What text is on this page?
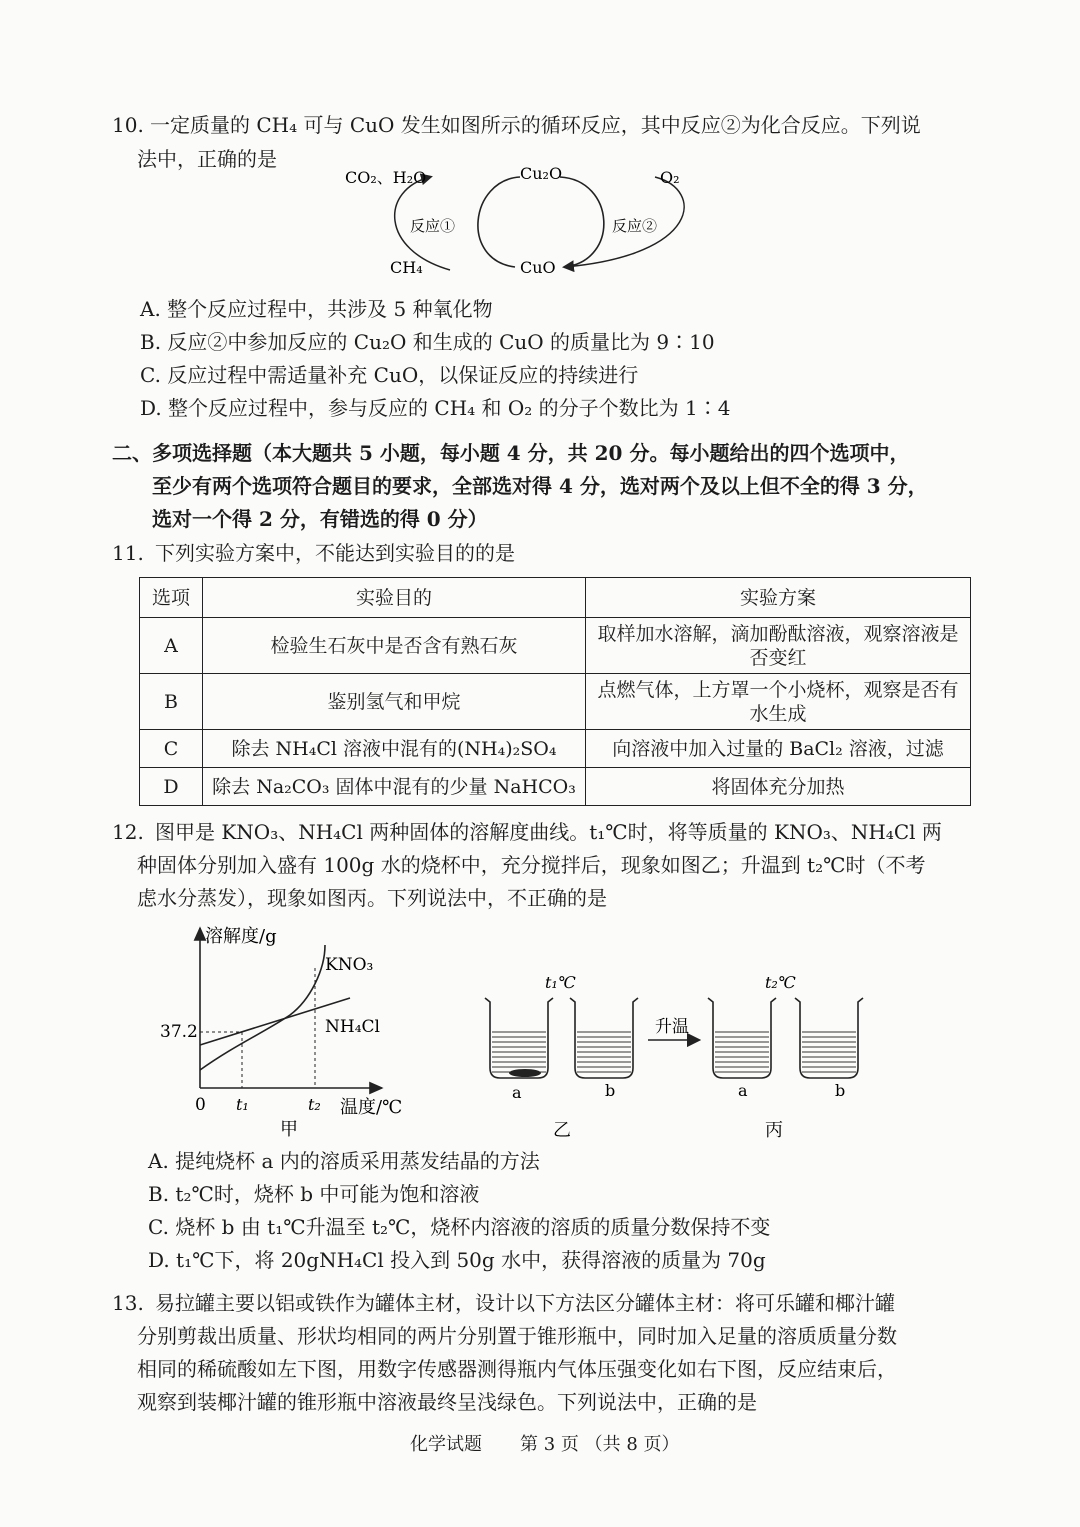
10. 一定质量的 CH₄ 可与 CuO 发生如图所示的循环反应，其中反应②为化合反应。下列说
法中，正确的是
CO₂、H₂O	Cu₂O	O₂
CH₄	CuO
反应①	反应②
A. 整个反应过程中，共涉及 5 种氧化物
B. 反应②中参加反应的 Cu₂O 和生成的 CuO 的质量比为 9∶10
C. 反应过程中需适量补充 CuO，以保证反应的持续进行
D. 整个反应过程中，参与反应的 CH₄ 和 O₂ 的分子个数比为 1∶4
二、多项选择题（本大题共 5 小题，每小题 4 分，共 20 分。每小题给出的四个选项中，
至少有两个选项符合题目的要求，全部选对得 4 分，选对两个及以上但不全的得 3 分，
选对一个得 2 分，有错选的得 0 分）
11. 下列实验方案中，不能达到实验目的的是
选项	实验目的	实验方案
A	检验生石灰中是否含有熟石灰	取样加水溶解，滴加酚酞溶液，观察溶液是否变红
B	鉴别氢气和甲烷	点燃气体，上方罩一个小烧杯，观察是否有水生成
C	除去 NH₄Cl 溶液中混有的(NH₄)₂SO₄	向溶液中加入过量的 BaCl₂ 溶液，过滤
D	除去 Na₂CO₃ 固体中混有的少量 NaHCO₃	将固体充分加热
12. 图甲是 KNO₃、NH₄Cl 两种固体的溶解度曲线。t₁℃时，将等质量的 KNO₃、NH₄Cl 两
种固体分别加入盛有 100g 水的烧杯中，充分搅拌后，现象如图乙；升温到 t₂℃时（不考
虑水分蒸发），现象如图丙。下列说法中，不正确的是
溶解度/g
温度/℃
0
37.2
t₁	t₂
KNO₃
NH₄Cl
甲
t₁℃	t₂℃
升温
a	b	a	b
乙	丙
A. 提纯烧杯 a 内的溶质采用蒸发结晶的方法
B. t₂℃时，烧杯 b 中可能为饱和溶液
C. 烧杯 b 由 t₁℃升温至 t₂℃，烧杯内溶液的溶质的质量分数保持不变
D. t₁℃下，将 20gNH₄Cl 投入到 50g 水中，获得溶液的质量为 70g
13. 易拉罐主要以铝或铁作为罐体主材，设计以下方法区分罐体主材：将可乐罐和椰汁罐
分别剪裁出质量、形状均相同的两片分别置于锥形瓶中，同时加入足量的溶质质量分数
相同的稀硫酸如左下图，用数字传感器测得瓶内气体压强变化如右下图，反应结束后，
观察到装椰汁罐的锥形瓶中溶液最终呈浅绿色。下列说法中，正确的是
化学试题 第 3 页 （共 8 页）
